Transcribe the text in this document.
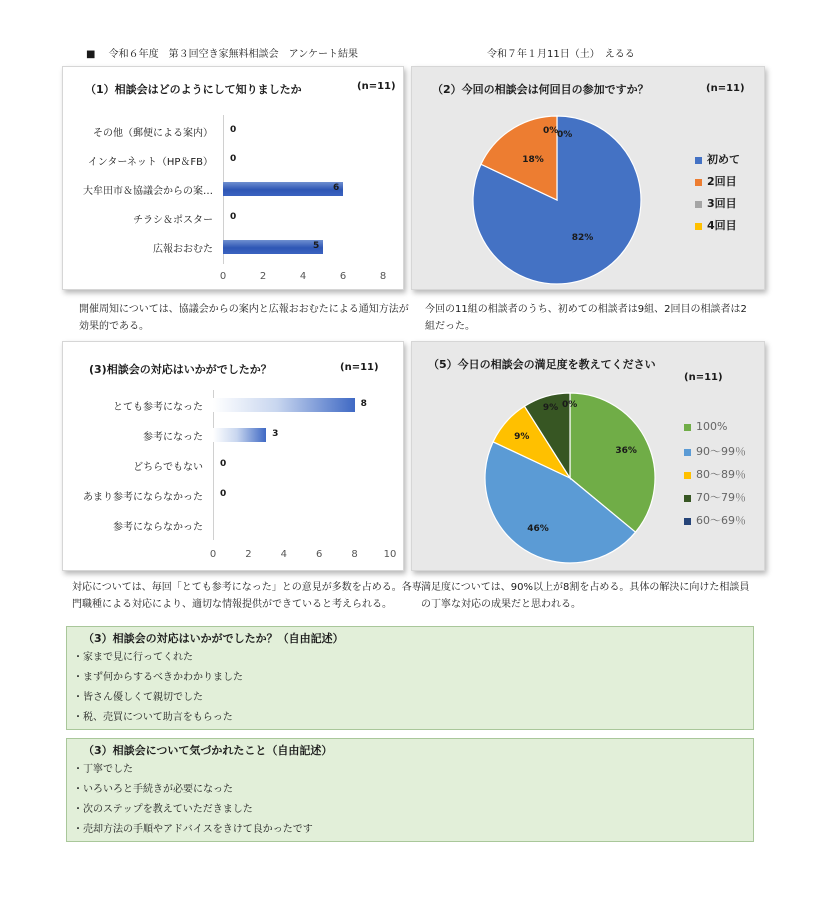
■　 令和６年度　第３回空き家無料相談会　アンケート結果	令和７年１月11日（土）　えるる
（1）相談会はどのようにして知りましたか	(n=11)
その他（郵便による案内） 0
インターネット（HP＆FB） 0
大牟田市＆協議会からの案…	6
チラシ＆ポスター 0
広報おおむた	5
0	2	4	6	8
開催周知については、協議会からの案内と広報おおむたによる通知方法が
効果的である。
（2）今回の相談会は何回目の参加ですか？	(n=11)
82%
18%
0%
0%
初めて
2回目
3回目
4回目
今回の11組の相談者のうち、初めての相談者は9組、2回目の相談者は2
組だった。
(3)相談会の対応はいかがでしたか？	(n=11)
とても参考になった	8
参考になった	3
どちらでもない 0
あまり参考にならなかった 0
参考にならなかった
0	2	4	6	8	10
対応については、毎回「とても参考になった」との意見が多数を占める。各専
門職種による対応により、適切な情報提供ができていると考えられる。
（5）今日の相談会の満足度を教えてください
(n=11)
36%
46%
9%
9% 0%
100%
90〜99％
80〜89％
70〜79％
60〜69％
満足度については、90%以上が8割を占める。具体の解決に向けた相談員
の丁寧な対応の成果だと思われる。
（3）相談会の対応はいかがでしたか？（自由記述）
・家まで見に行ってくれた
・まず何からするべきかわかりました
・皆さん優しくて親切でした
・税、売買について助言をもらった
（3）相談会について気づかれたこと（自由記述）
・丁寧でした
・いろいろと手続きが必要になった
・次のステップを教えていただきました
・売却方法の手順やアドバイスをきけて良かったです
